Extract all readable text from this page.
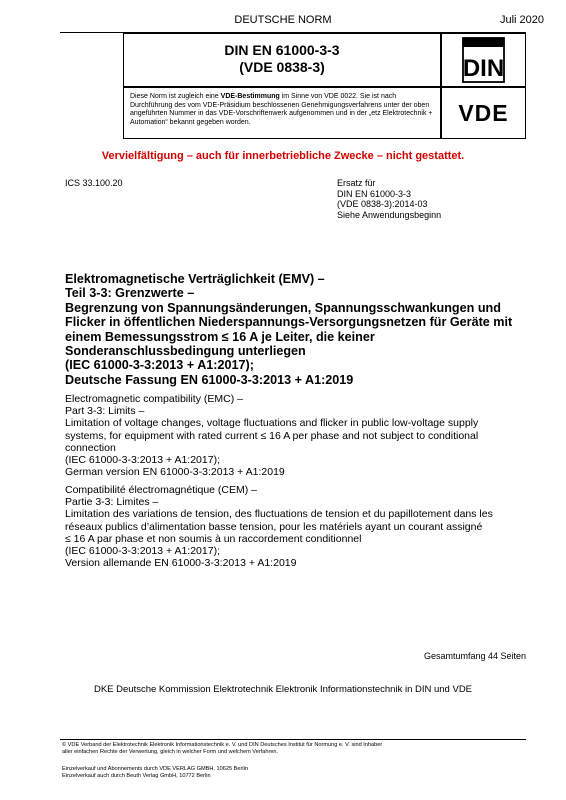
DEUTSCHE NORM	Juli 2020
DIN EN 61000-3-3
(VDE 0838-3)	DIN
Diese Norm ist zugleich eine VDE-Bestimmung im Sinne von VDE 0022. Sie ist nach Durchführung des vom VDE-Präsidium beschlossenen Genehmigungsverfahrens unter der oben angeführten Nummer in das VDE-Vorschriftenwerk aufgenommen und in der „etz Elektrotechnik + Automation“ bekannt gegeben worden.	VDE
Vervielfältigung – auch für innerbetriebliche Zwecke – nicht gestattet.
ICS 33.100.20	Ersatz für
DIN EN 61000-3-3
(VDE 0838-3):2014-03
Siehe Anwendungsbeginn
Elektromagnetische Verträglichkeit (EMV) –
Teil 3-3: Grenzwerte –
Begrenzung von Spannungsänderungen, Spannungsschwankungen und
Flicker in öffentlichen Niederspannungs-Versorgungsnetzen für Geräte mit
einem Bemessungsstrom ≤ 16 A je Leiter, die keiner
Sonderanschlussbedingung unterliegen
(IEC 61000-3-3:2013 + A1:2017);
Deutsche Fassung EN 61000-3-3:2013 + A1:2019
Electromagnetic compatibility (EMC) –
Part 3-3: Limits –
Limitation of voltage changes, voltage fluctuations and flicker in public low-voltage supply
systems, for equipment with rated current ≤ 16 A per phase and not subject to conditional
connection
(IEC 61000-3-3:2013 + A1:2017);
German version EN 61000-3-3:2013 + A1:2019
Compatibilité électromagnétique (CEM) –
Partie 3-3: Limites –
Limitation des variations de tension, des fluctuations de tension et du papillotement dans les
réseaux publics d’alimentation basse tension, pour les matériels ayant un courant assigné
≤ 16 A par phase et non soumis à un raccordement conditionnel
(IEC 61000-3-3:2013 + A1:2017);
Version allemande EN 61000-3-3:2013 + A1:2019
Gesamtumfang 44 Seiten
DKE Deutsche Kommission Elektrotechnik Elektronik Informationstechnik in DIN und VDE
© VDE Verband der Elektrotechnik Elektronik Informationstechnik e. V. und DIN Deutsches Institut für Normung e. V. sind Inhaber
aller einfachen Rechte der Verwertung, gleich in welcher Form und welchem Verfahren.
Einzelverkauf und Abonnements durch VDE VERLAG GMBH, 10625 Berlin
Einzelverkauf auch durch Beuth Verlag GmbH, 10772 Berlin
